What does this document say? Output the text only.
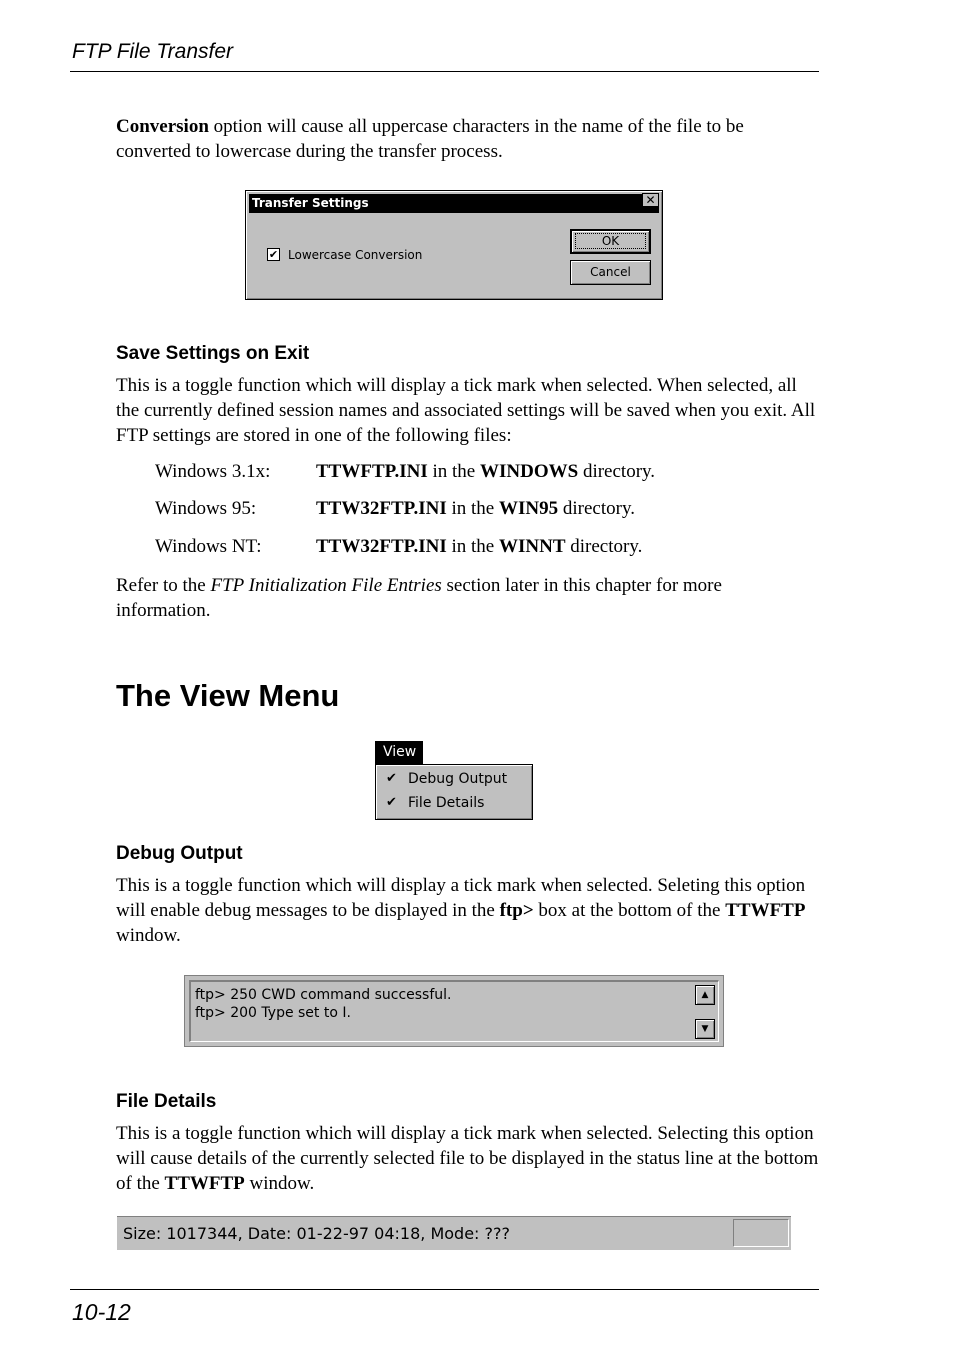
FTP File Transfer
Conversion option will cause all uppercase characters in the name of the file to be converted to lowercase during the transfer process.
Transfer Settings	✕
✔ Lowercase Conversion
OK
Cancel
Save Settings on Exit
This is a toggle function which will display a tick mark when selected. When selected, all the currently defined session names and associated settings will be saved when you exit. All FTP settings are stored in one of the following files:
Windows 3.1x: TTWFTP.INI in the WINDOWS directory.
Windows 95:	TTW32FTP.INI in the WIN95 directory.
Windows NT:	TTW32FTP.INI in the WINNT directory.
Refer to the FTP Initialization File Entries section later in this chapter for more information.
The View Menu
View
✔ Debug Output
✔ File Details
Debug Output
This is a toggle function which will display a tick mark when selected. Seleting this option will enable debug messages to be displayed in the ftp> box at the bottom of the TTWFTP window.
ftp> 250 CWD command successful.
ftp> 200 Type set to I.
▲
▼
File Details
This is a toggle function which will display a tick mark when selected. Selecting this option will cause details of the currently selected file to be displayed in the status line at the bottom of the TTWFTP window.
Size: 1017344, Date: 01-22-97 04:18, Mode: ???
10-12
